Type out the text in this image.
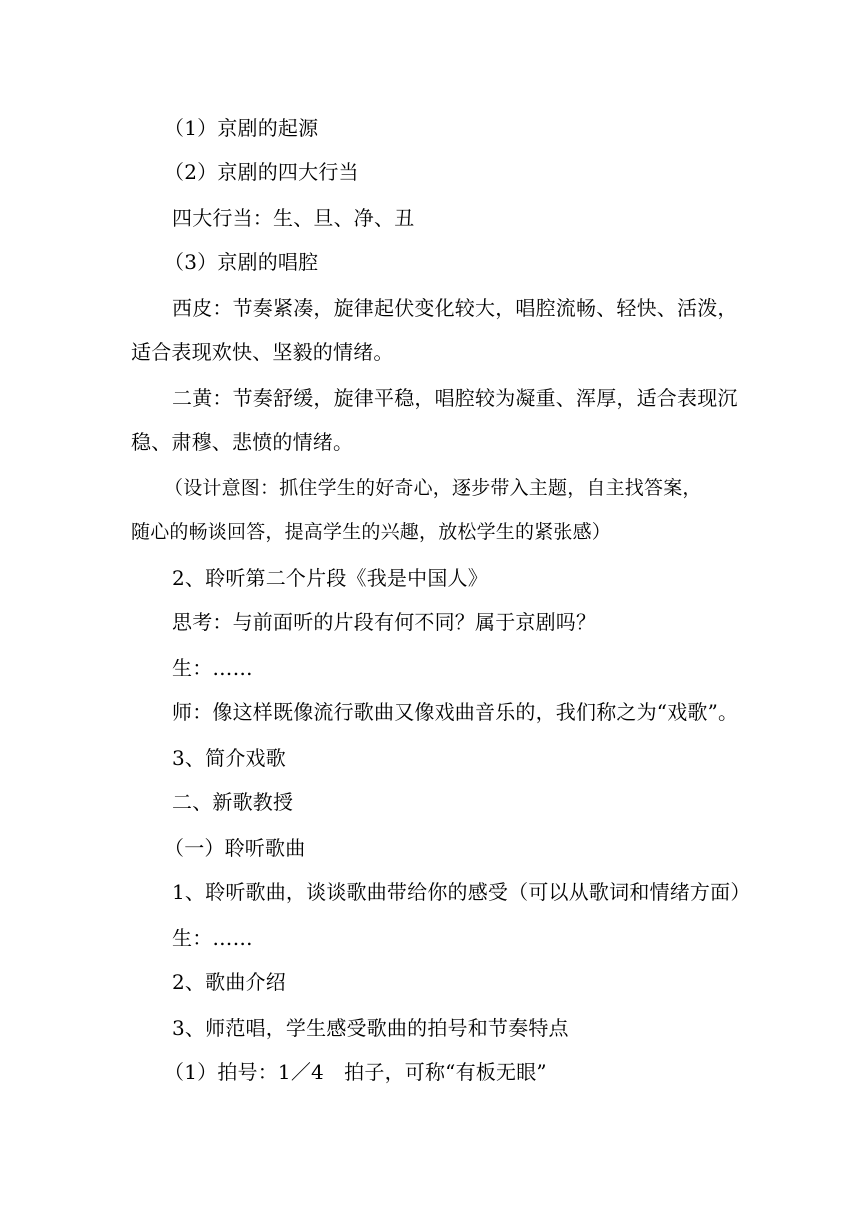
（1）京剧的起源
（2）京剧的四大行当
四大行当：生、旦、净、丑
（3）京剧的唱腔
西皮：节奏紧凑，旋律起伏变化较大，唱腔流畅、轻快、活泼，
适合表现欢快、坚毅的情绪。
二黄：节奏舒缓，旋律平稳，唱腔较为凝重、浑厚，适合表现沉
稳、肃穆、悲愤的情绪。
（设计意图：抓住学生的好奇心，逐步带入主题，自主找答案，
随心的畅谈回答，提高学生的兴趣，放松学生的紧张感）
2、聆听第二个片段《我是中国人》
思考：与前面听的片段有何不同？属于京剧吗？
生：……
师：像这样既像流行歌曲又像戏曲音乐的，我们称之为“戏歌”。
3、简介戏歌
二、新歌教授
（一）聆听歌曲
1、聆听歌曲，谈谈歌曲带给你的感受（可以从歌词和情绪方面）
生：……
2、歌曲介绍
3、师范唱，学生感受歌曲的拍号和节奏特点
（1）拍号：1／4　拍子，可称“有板无眼”
